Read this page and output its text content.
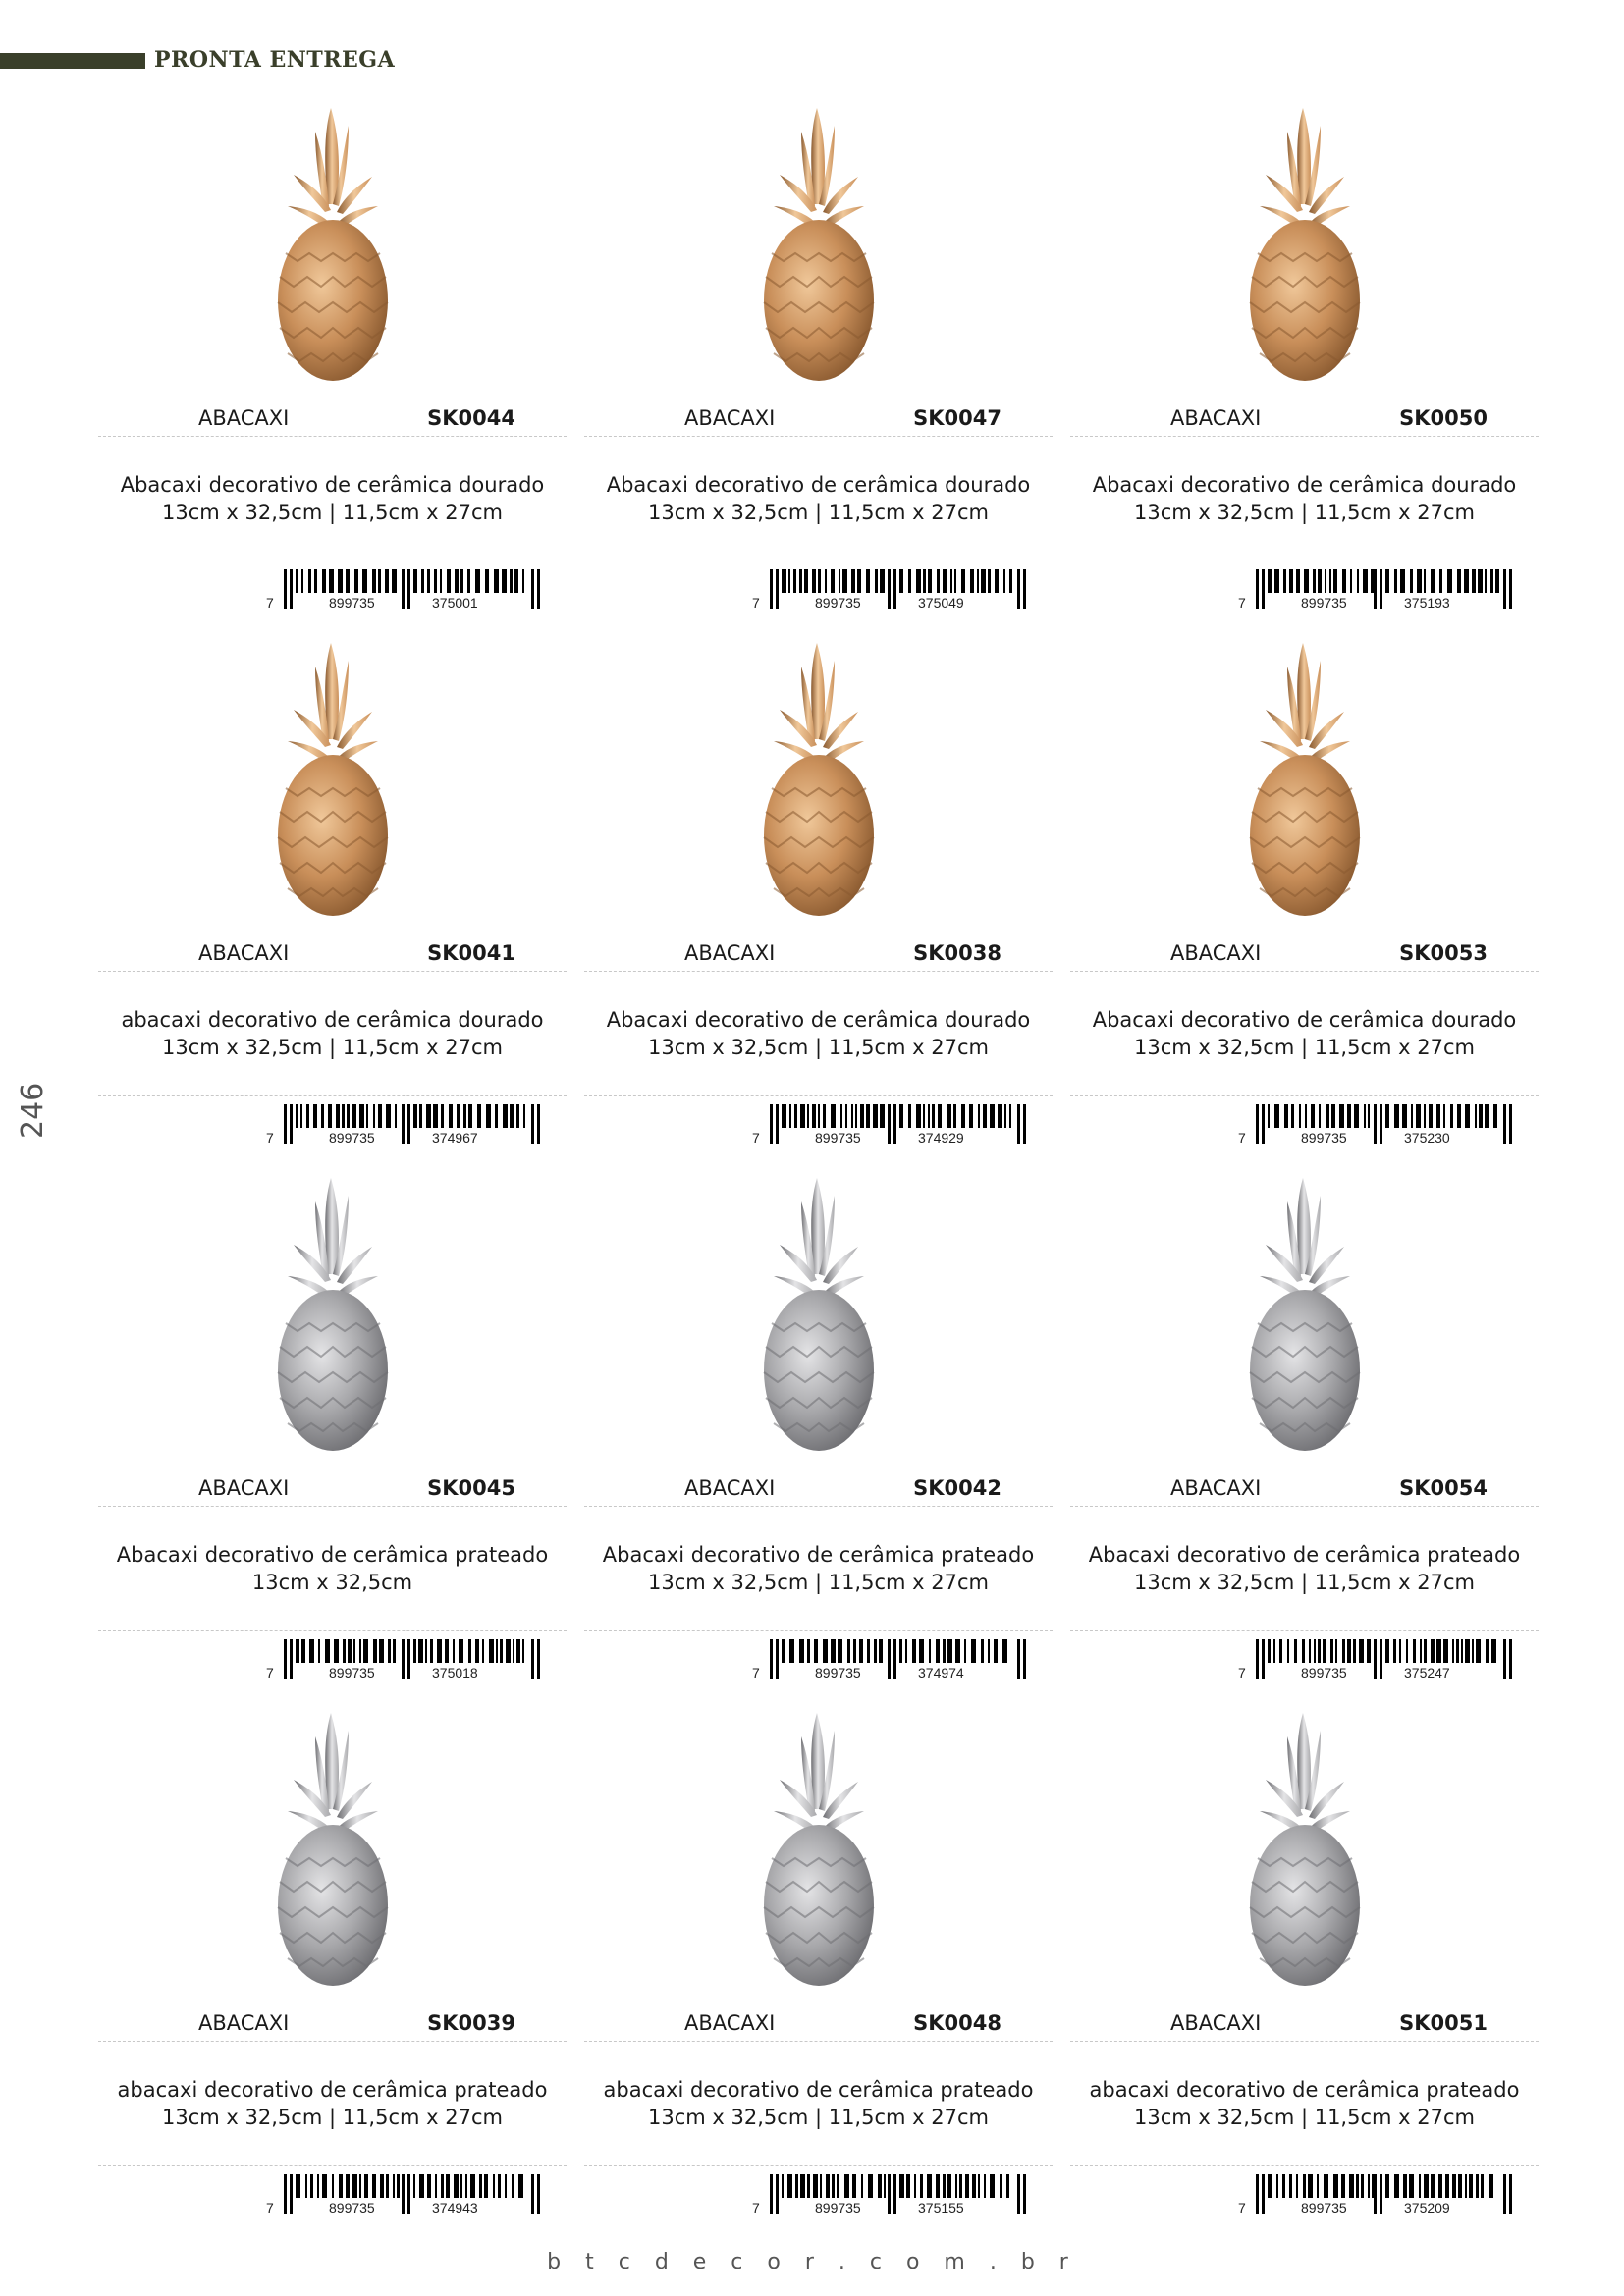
PRONTA ENTREGA
246
ABACAXI	SK0044
Abacaxi decorativo de cerâmica dourado
13cm x 32,5cm | 11,5cm x 27cm
7	899735	375001
ABACAXI	SK0047
Abacaxi decorativo de cerâmica dourado
13cm x 32,5cm | 11,5cm x 27cm
7	899735	375049
ABACAXI	SK0050
Abacaxi decorativo de cerâmica dourado
13cm x 32,5cm | 11,5cm x 27cm
7	899735	375193
ABACAXI	SK0041
abacaxi decorativo de cerâmica dourado
13cm x 32,5cm | 11,5cm x 27cm
7	899735	374967
ABACAXI	SK0038
Abacaxi decorativo de cerâmica dourado
13cm x 32,5cm | 11,5cm x 27cm
7	899735	374929
ABACAXI	SK0053
Abacaxi decorativo de cerâmica dourado
13cm x 32,5cm | 11,5cm x 27cm
7	899735	375230
ABACAXI	SK0045
Abacaxi decorativo de cerâmica prateado
13cm x 32,5cm
7	899735	375018
ABACAXI	SK0042
Abacaxi decorativo de cerâmica prateado
13cm x 32,5cm | 11,5cm x 27cm
7	899735	374974
ABACAXI	SK0054
Abacaxi decorativo de cerâmica prateado
13cm x 32,5cm | 11,5cm x 27cm
7	899735	375247
ABACAXI	SK0039
abacaxi decorativo de cerâmica prateado
13cm x 32,5cm | 11,5cm x 27cm
7	899735	374943
ABACAXI	SK0048
abacaxi decorativo de cerâmica prateado
13cm x 32,5cm | 11,5cm x 27cm
7	899735	375155
ABACAXI	SK0051
abacaxi decorativo de cerâmica prateado
13cm x 32,5cm | 11,5cm x 27cm
7	899735	375209
b t c d e c o r . c o m . b r
